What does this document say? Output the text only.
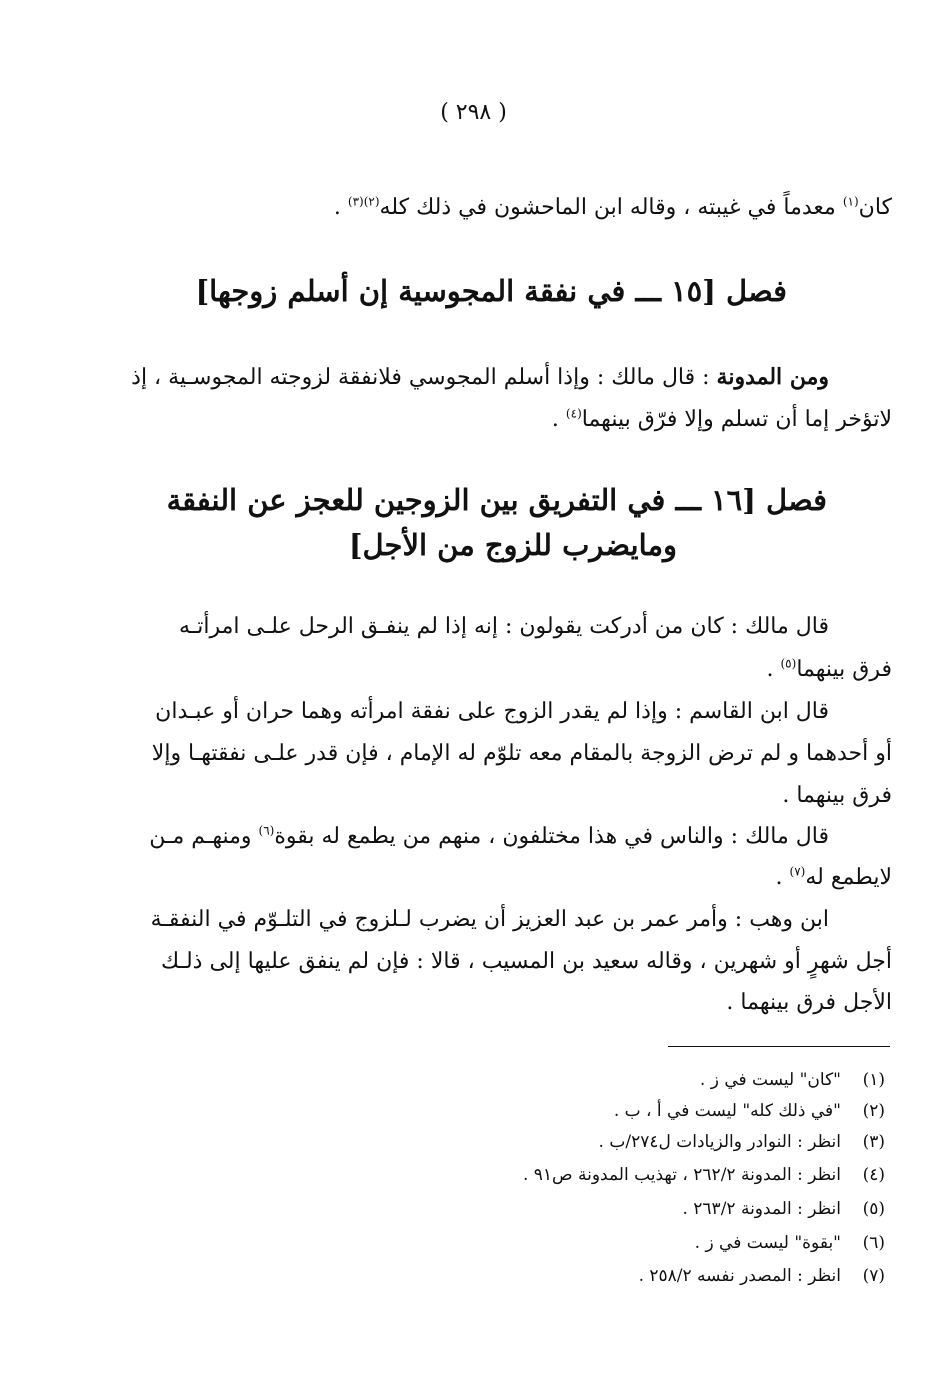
( ٢٩٨ )
كان$^{(١)}$ معدماً في غيبته ، وقاله ابن الماحشون في ذلك كله$^{(٢)(٣)}$ .
فصل [١٥ ـــ في نفقة المجوسية إن أسلم زوجها]
ومن المدونة : قال مالك : وإذا أسلم المجوسي فلانفقة لزوجته المجوسـية ، إذ
لاتؤخر إما أن تسلم وإلا فرّق بينهما$^{(٤)}$ .
فصل [١٦ ـــ في التفريق بين الزوجين للعجز عن النفقة
ومايضرب للزوج من الأجل]
قال مالك : كان من أدركت يقولون : إنه إذا لم ينفـق الرحل علـى امرأتـه
فرق بينهما$^{(٥)}$ .
قال ابن القاسم : وإذا لم يقدر الزوج على نفقة امرأته وهما حران أو عبـدان
أو أحدهما و لم ترض الزوجة بالمقام معه تلوّم له الإمام ، فإن قدر علـى نفقتهـا وإلا
فرق بينهما .
قال مالك : والناس في هذا مختلفون ، منهم من يطمع له بقوة$^{(٦)}$ ومنهـم مـن
لايطمع له$^{(٧)}$ .
ابن وهب : وأمر عمر بن عبد العزيز أن يضرب لـلزوج في التلـوّم في النفقـة
أجل شهرٍ أو شهرين ، وقاله سعيد بن المسيب ، قالا : فإن لم ينفق عليها إلى ذلـك
الأجل فرق بينهما .
(١)"كان" ليست في ز .
(٢)"في ذلك كله" ليست في أ ، ب .
(٣)انظر : النوادر والزيادات ل٢٧٤/ب .
(٤)انظر : المدونة ٢٦٢/٢ ، تهذيب المدونة ص٩١ .
(٥)انظر : المدونة ٢٦٣/٢ .
(٦)"بقوة" ليست في ز .
(٧)انظر : المصدر نفسه ٢٥٨/٢ .
